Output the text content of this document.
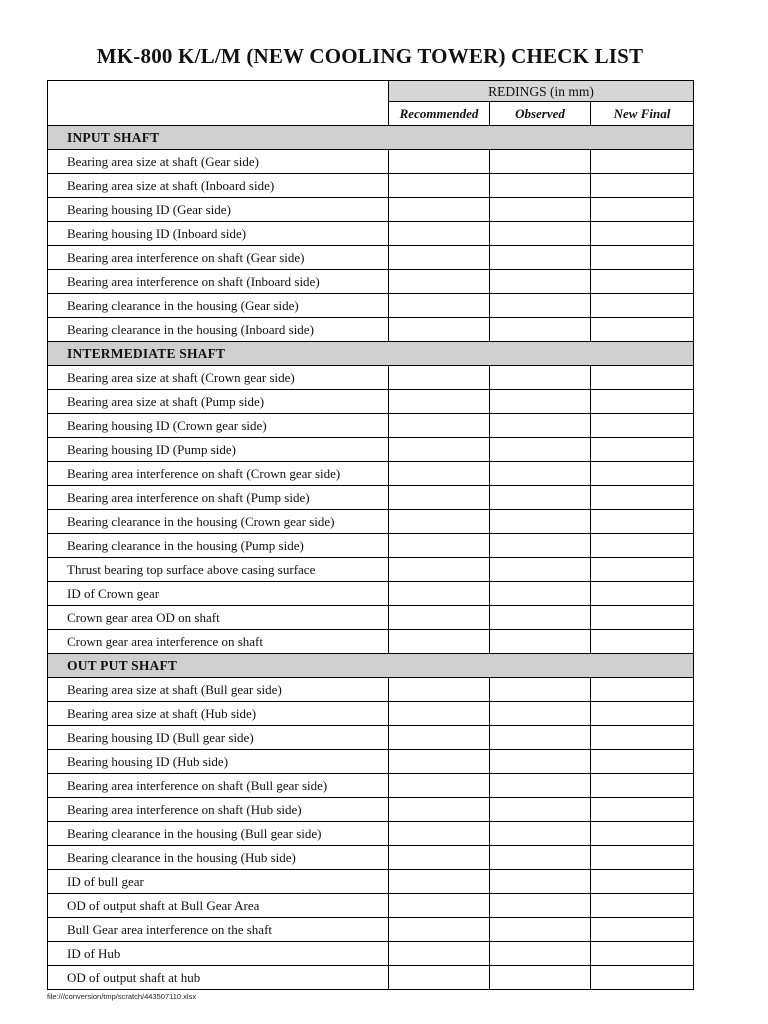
MK-800 K/L/M (NEW COOLING TOWER) CHECK LIST
	REDINGS (in mm)		
	Recommended	Observed	New Final
INPUT SHAFT			
Bearing area size at shaft (Gear side)			
Bearing area size at shaft (Inboard side)			
Bearing housing ID (Gear side)			
Bearing housing ID (Inboard side)			
Bearing area interference on shaft (Gear side)			
Bearing area interference on shaft (Inboard side)			
Bearing clearance in the housing (Gear side)			
Bearing clearance in the housing (Inboard side)			
INTERMEDIATE SHAFT			
Bearing area size at shaft (Crown gear side)			
Bearing area size at shaft (Pump side)			
Bearing housing ID (Crown gear side)			
Bearing housing ID (Pump side)			
Bearing area interference on shaft (Crown gear side)			
Bearing area interference on shaft (Pump side)			
Bearing clearance in the housing (Crown gear side)			
Bearing clearance in the housing (Pump side)			
Thrust bearing top surface above casing surface			
ID of Crown gear			
Crown gear area OD on shaft			
Crown gear area interference on shaft			
OUT PUT SHAFT			
Bearing area size at shaft (Bull gear side)			
Bearing area size at shaft (Hub side)			
Bearing housing ID (Bull gear side)			
Bearing housing ID (Hub side)			
Bearing area interference on shaft (Bull gear side)			
Bearing area interference on shaft (Hub side)			
Bearing clearance in the housing (Bull gear side)			
Bearing clearance in the housing (Hub side)			
ID of bull gear			
OD of output shaft at Bull Gear Area			
Bull Gear area interference on the shaft			
ID of Hub			
OD of output shaft at hub			
file:///conversion/tmp/scratch/443507110.xlsx
